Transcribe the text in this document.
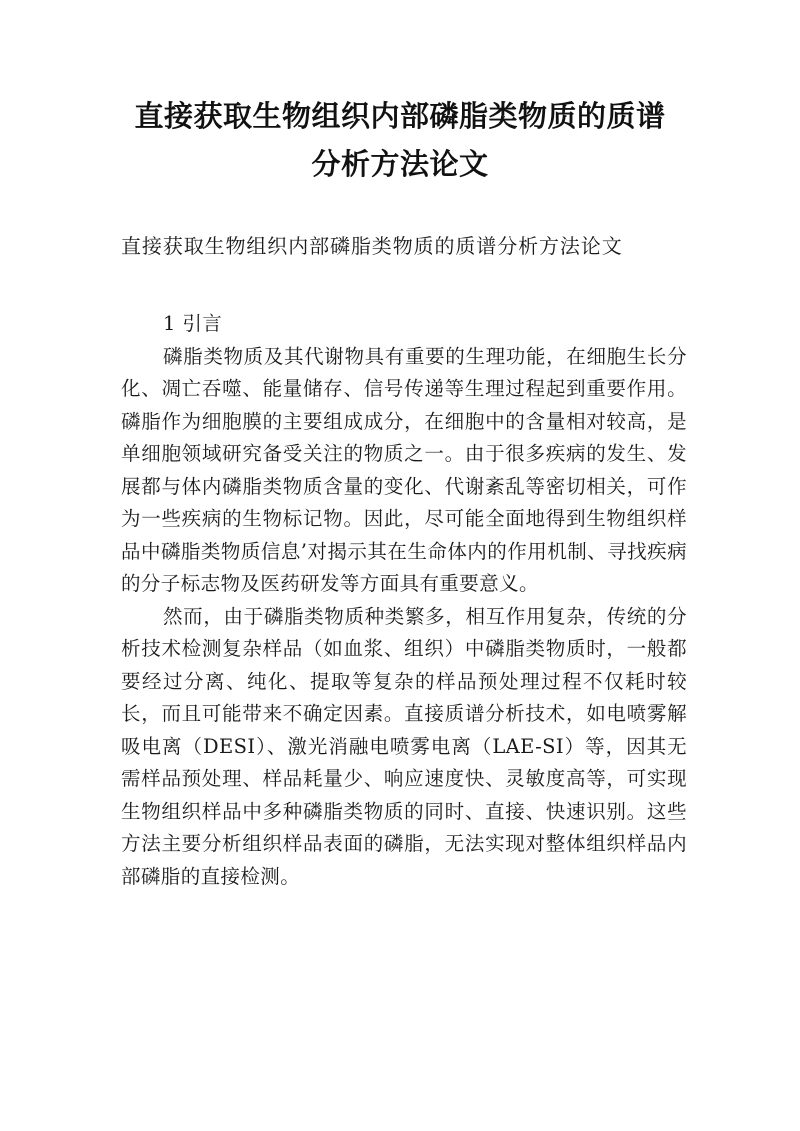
直接获取生物组织内部磷脂类物质的质谱
分析方法论文
直接获取生物组织内部磷脂类物质的质谱分析方法论文

1 引言

磷脂类物质及其代谢物具有重要的生理功能，在细胞生长分化、凋亡吞噬、能量储存、信号传递等生理过程起到重要作用。磷脂作为细胞膜的主要组成成分，在细胞中的含量相对较高，是单细胞领域研究备受关注的物质之一。由于很多疾病的发生、发展都与体内磷脂类物质含量的变化、代谢紊乱等密切相关，可作为一些疾病的生物标记物。因此，尽可能全面地得到生物组织样品中磷脂类物质信息’对揭示其在生命体内的作用机制、寻找疾病的分子标志物及医药研发等方面具有重要意义。

然而，由于磷脂类物质种类繁多，相互作用复杂，传统的分析技术检测复杂样品（如血浆、组织）中磷脂类物质时，一般都要经过分离、纯化、提取等复杂的样品预处理过程不仅耗时较长，而且可能带来不确定因素。直接质谱分析技术，如电喷雾解吸电离（DESI）、激光消融电喷雾电离（LAE-SI）等，因其无需样品预处理、样品耗量少、响应速度快、灵敏度高等，可实现生物组织样品中多种磷脂类物质的同时、直接、快速识别。这些方法主要分析组织样品表面的磷脂，无法实现对整体组织样品内部磷脂的直接检测。
